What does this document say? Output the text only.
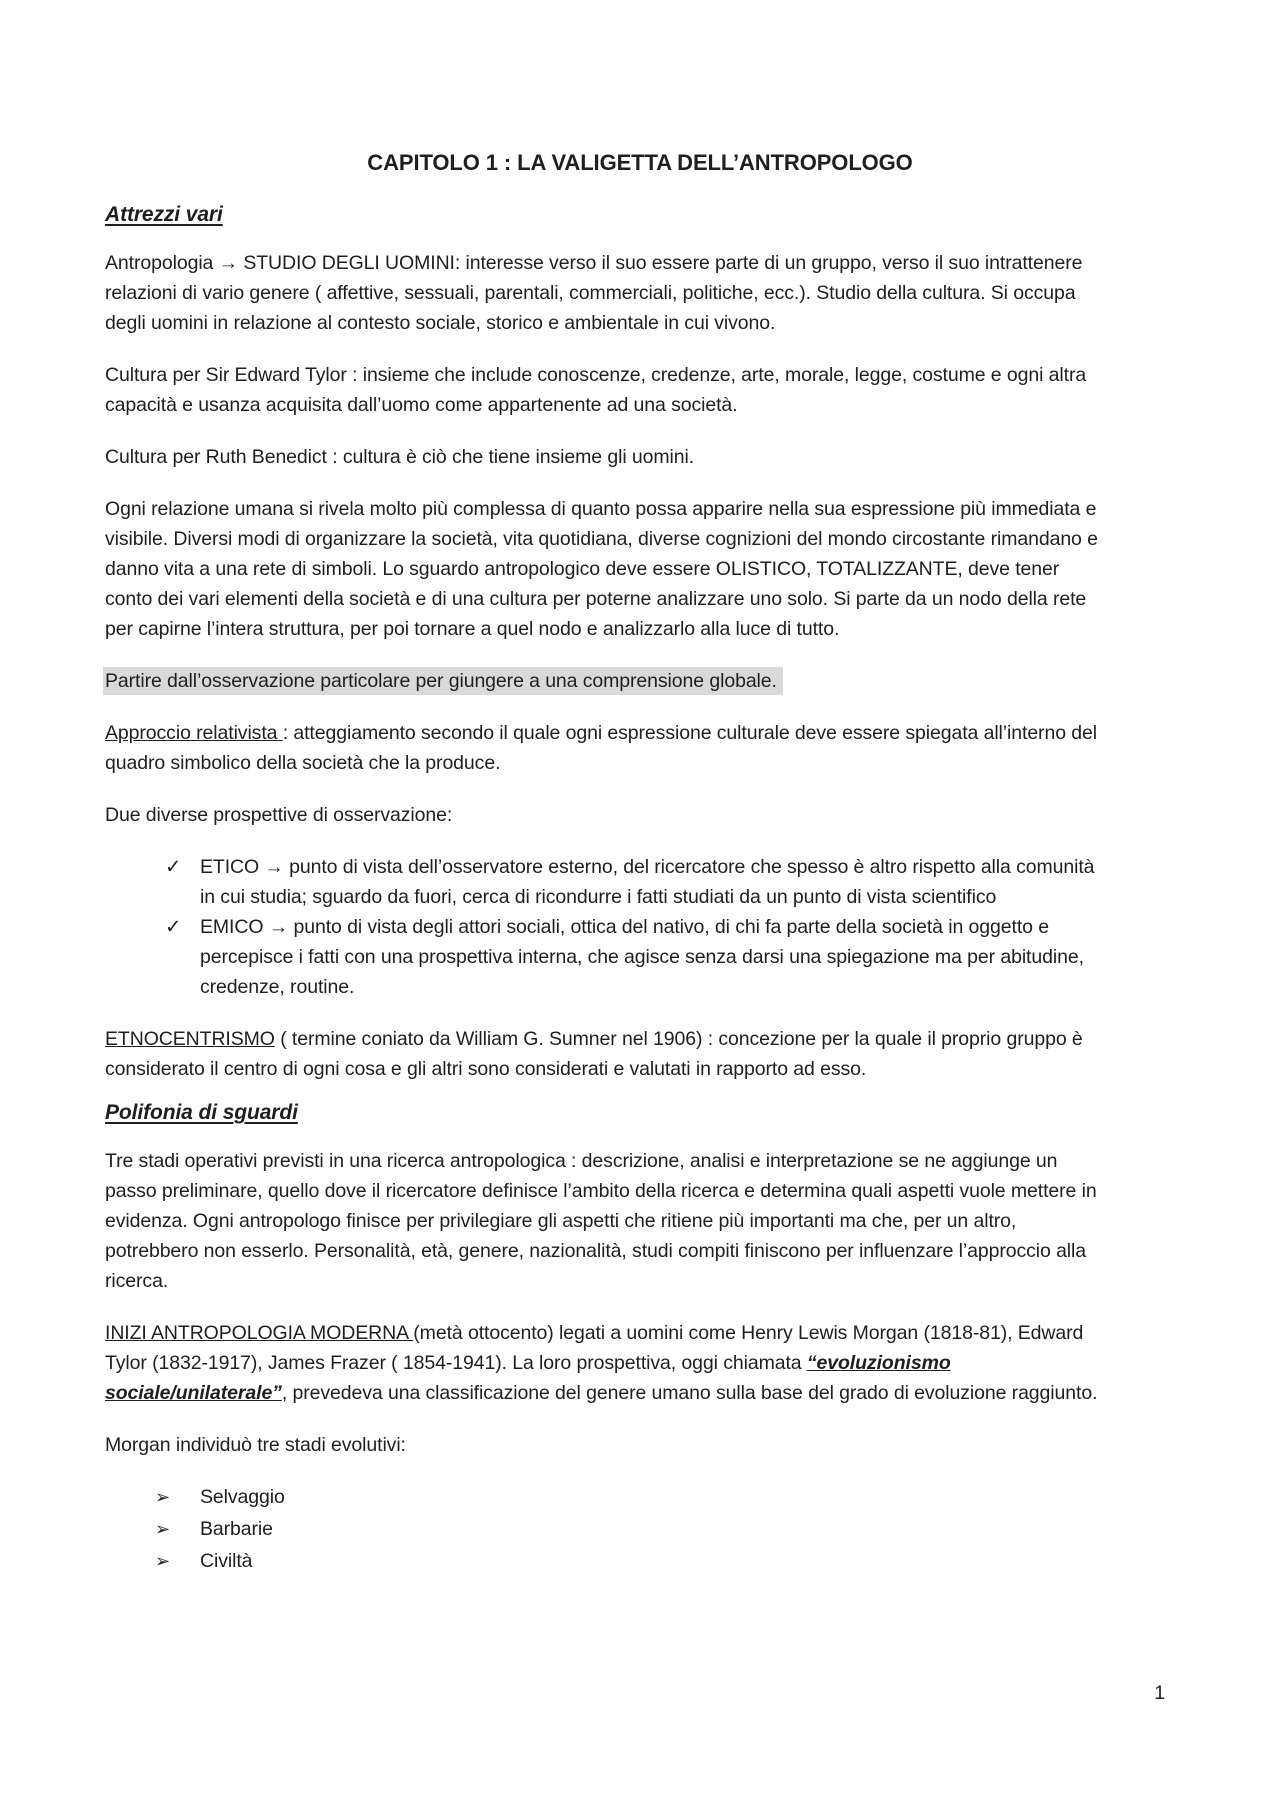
CAPITOLO 1 : LA VALIGETTA DELL’ANTROPOLOGO
Attrezzi vari

Antropologia → STUDIO DEGLI UOMINI: interesse verso il suo essere parte di un gruppo, verso il suo intrattenere relazioni di vario genere ( affettive, sessuali, parentali, commerciali, politiche, ecc.). Studio della cultura. Si occupa degli uomini in relazione al contesto sociale, storico e ambientale in cui vivono.

Cultura per Sir Edward Tylor : insieme che include conoscenze, credenze, arte, morale, legge, costume e ogni altra capacità e usanza acquisita dall’uomo come appartenente ad una società.

Cultura per Ruth Benedict : cultura è ciò che tiene insieme gli uomini.

Ogni relazione umana si rivela molto più complessa di quanto possa apparire nella sua espressione più immediata e visibile. Diversi modi di organizzare la società, vita quotidiana, diverse cognizioni del mondo circostante rimandano e danno vita a una rete di simboli. Lo sguardo antropologico deve essere OLISTICO, TOTALIZZANTE, deve tener conto dei vari elementi della società e di una cultura per poterne analizzare uno solo. Si parte da un nodo della rete per capirne l’intera struttura, per poi tornare a quel nodo e analizzarlo alla luce di tutto.

Partire dall’osservazione particolare per giungere a una comprensione globale.

Approccio relativista : atteggiamento secondo il quale ogni espressione culturale deve essere spiegata all’interno del quadro simbolico della società che la produce.

Due diverse prospettive di osservazione:

✓ ETICO → punto di vista dell’osservatore esterno, del ricercatore che spesso è altro rispetto alla comunità in cui studia; sguardo da fuori, cerca di ricondurre i fatti studiati da un punto di vista scientifico
✓ EMICO → punto di vista degli attori sociali, ottica del nativo, di chi fa parte della società in oggetto e percepisce i fatti con una prospettiva interna, che agisce senza darsi una spiegazione ma per abitudine, credenze, routine.

ETNOCENTRISMO ( termine coniato da William G. Sumner nel 1906) : concezione per la quale il proprio gruppo è considerato il centro di ogni cosa e gli altri sono considerati e valutati in rapporto ad esso.

Polifonia di sguardi

Tre stadi operativi previsti in una ricerca antropologica : descrizione, analisi e interpretazione se ne aggiunge un passo preliminare, quello dove il ricercatore definisce l’ambito della ricerca e determina quali aspetti vuole mettere in evidenza. Ogni antropologo finisce per privilegiare gli aspetti che ritiene più importanti ma che, per un altro, potrebbero non esserlo. Personalità, età, genere, nazionalità, studi compiti finiscono per influenzare l’approccio alla ricerca.

INIZI ANTROPOLOGIA MODERNA (metà ottocento) legati a uomini come Henry Lewis Morgan (1818-81), Edward Tylor (1832-1917), James Frazer ( 1854-1941). La loro prospettiva, oggi chiamata “evoluzionismo sociale/unilaterale”, prevedeva una classificazione del genere umano sulla base del grado di evoluzione raggiunto.

Morgan individuò tre stadi evolutivi:

➢ Selvaggio
➢ Barbarie
➢ Civiltà
1
